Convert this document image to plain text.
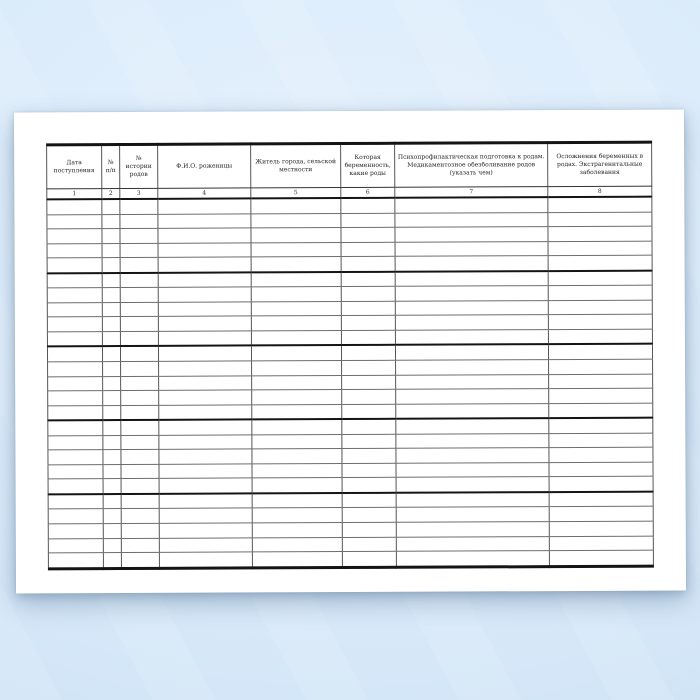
Дата поступления	№ п/п	№ истории родов	Ф.И.О. роженицы	Житель города, сельской местности	Которая беременность, какие роды	Психопрофилактическая подготовка к родам. Медикаментозное обезболивание родов (указать чем)	Осложнения беременных в родах. Экстрагенитальные заболевания
1	2	3	4	5	6	7	8
